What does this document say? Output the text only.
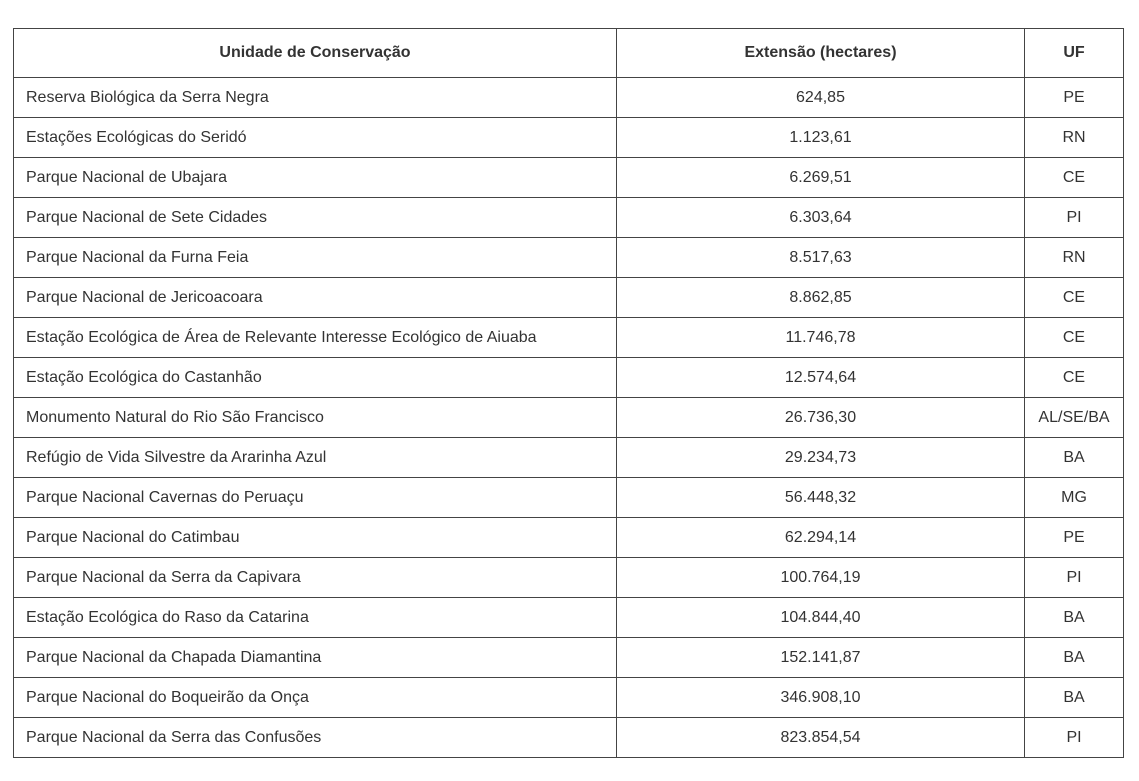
Unidade de Conservação	Extensão (hectares)	UF
Reserva Biológica da Serra Negra	624,85	PE
Estações Ecológicas do Seridó	1.123,61	RN
Parque Nacional de Ubajara	6.269,51	CE
Parque Nacional de Sete Cidades	6.303,64	PI
Parque Nacional da Furna Feia	8.517,63	RN
Parque Nacional de Jericoacoara	8.862,85	CE
Estação Ecológica de Área de Relevante Interesse Ecológico de Aiuaba	11.746,78	CE
Estação Ecológica do Castanhão	12.574,64	CE
Monumento Natural do Rio São Francisco	26.736,30	AL/SE/BA
Refúgio de Vida Silvestre da Ararinha Azul	29.234,73	BA
Parque Nacional Cavernas do Peruaçu	56.448,32	MG
Parque Nacional do Catimbau	62.294,14	PE
Parque Nacional da Serra da Capivara	100.764,19	PI
Estação Ecológica do Raso da Catarina	104.844,40	BA
Parque Nacional da Chapada Diamantina	152.141,87	BA
Parque Nacional do Boqueirão da Onça	346.908,10	BA
Parque Nacional da Serra das Confusões	823.854,54	PI
